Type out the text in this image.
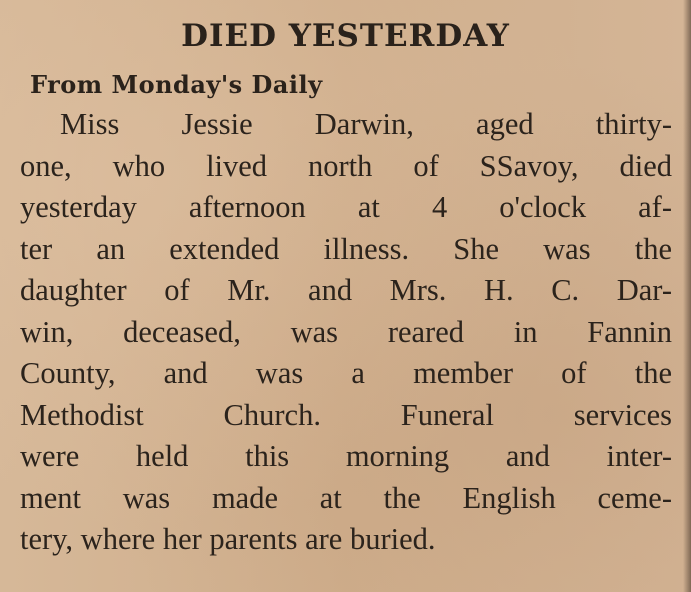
DIED YESTERDAY
From Monday's Daily
Miss Jessie Darwin, aged thirty-
one, who lived north of SSavoy, died
yesterday afternoon at 4 o'clock af-
ter an extended illness. She was the
daughter of Mr. and Mrs. H. C. Dar-
win, deceased, was reared in Fannin
County, and was a member of the
Methodist Church. Funeral services
were held this morning and inter-
ment was made at the English ceme-
tery, where her parents are buried.
